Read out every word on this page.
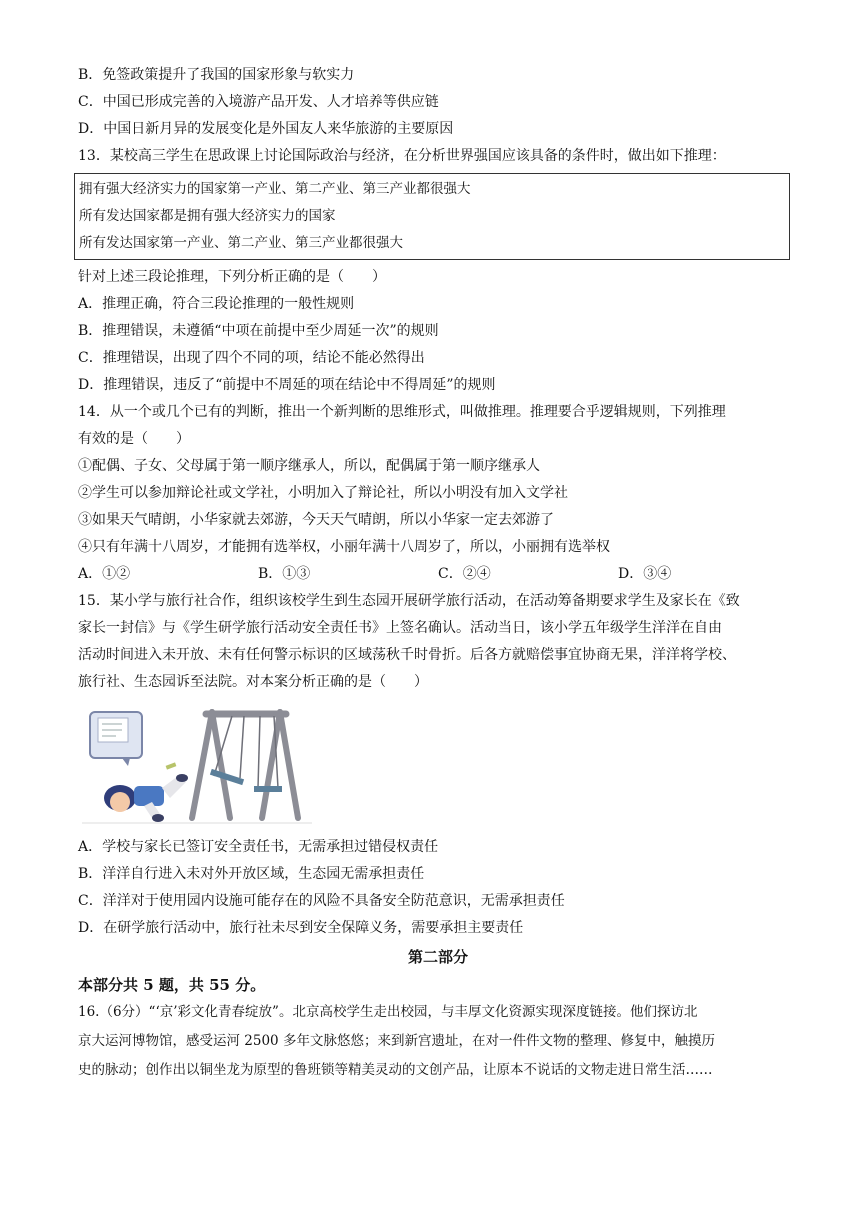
B．免签政策提升了我国的国家形象与软实力
C．中国已形成完善的入境游产品开发、人才培养等供应链
D．中国日新月异的发展变化是外国友人来华旅游的主要原因
13．某校高三学生在思政课上讨论国际政治与经济，在分析世界强国应该具备的条件时，做出如下推理：
拥有强大经济实力的国家第一产业、第二产业、第三产业都很强大
所有发达国家都是拥有强大经济实力的国家
所有发达国家第一产业、第二产业、第三产业都很强大
针对上述三段论推理，下列分析正确的是（　　）
A．推理正确，符合三段论推理的一般性规则
B．推理错误，未遵循“中项在前提中至少周延一次”的规则
C．推理错误，出现了四个不同的项，结论不能必然得出
D．推理错误，违反了“前提中不周延的项在结论中不得周延”的规则
14．从一个或几个已有的判断，推出一个新判断的思维形式，叫做推理。推理要合乎逻辑规则，下列推理
有效的是（　　）
①配偶、子女、父母属于第一顺序继承人，所以，配偶属于第一顺序继承人
②学生可以参加辩论社或文学社，小明加入了辩论社，所以小明没有加入文学社
③如果天气晴朗，小华家就去郊游，今天天气晴朗，所以小华家一定去郊游了
④只有年满十八周岁，才能拥有选举权，小丽年满十八周岁了，所以，小丽拥有选举权
A．①②	B．①③	C．②④	D．③④
15．某小学与旅行社合作，组织该校学生到生态园开展研学旅行活动，在活动筹备期要求学生及家长在《致
家长一封信》与《学生研学旅行活动安全责任书》上签名确认。活动当日，该小学五年级学生洋洋在自由
活动时间进入未开放、未有任何警示标识的区域荡秋千时骨折。后各方就赔偿事宜协商无果，洋洋将学校、
旅行社、生态园诉至法院。对本案分析正确的是（　　）
A．学校与家长已签订安全责任书，无需承担过错侵权责任
B．洋洋自行进入未对外开放区域，生态园无需承担责任
C．洋洋对于使用园内设施可能存在的风险不具备安全防范意识，无需承担责任
D．在研学旅行活动中，旅行社未尽到安全保障义务，需要承担主要责任
第二部分
本部分共 5 题，共 55 分。
16.（6分）“‘京’彩文化青春绽放”。北京高校学生走出校园，与丰厚文化资源实现深度链接。他们探访北
京大运河博物馆，感受运河 2500 多年文脉悠悠；来到新宫遗址，在对一件件文物的整理、修复中，触摸历
史的脉动；创作出以铜坐龙为原型的鲁班锁等精美灵动的文创产品，让原本不说话的文物走进日常生活……
